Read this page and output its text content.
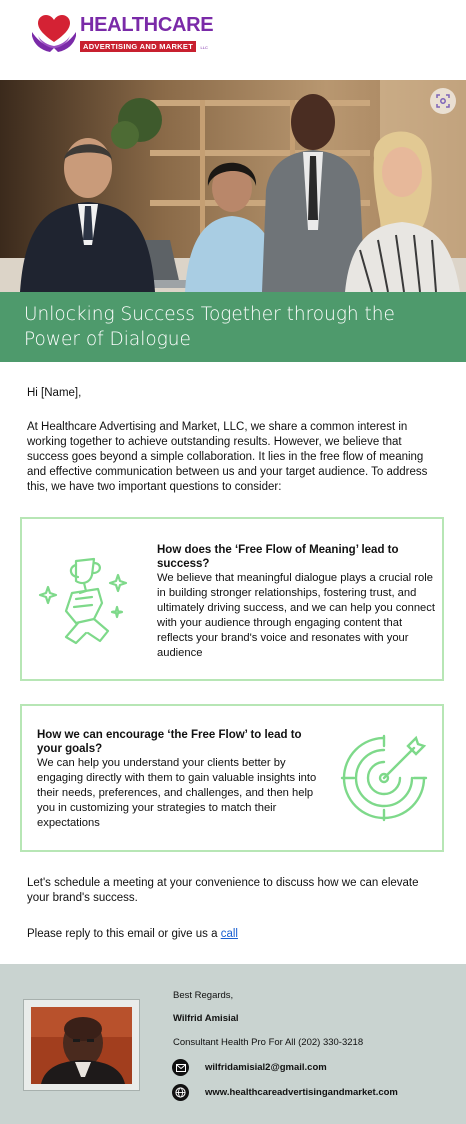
HEALTHCARE
ADVERTISING AND MARKET LLC
Unlocking Success Together through the Power of Dialogue
Hi [Name],
At Healthcare Advertising and Market, LLC, we share a common interest in working together to achieve outstanding results. However, we believe that success goes beyond a simple collaboration. It lies in the free flow of meaning and effective communication between us and your target audience. To address this, we have two important questions to consider:
How does the ‘Free Flow of Meaning’ lead to success?
We believe that meaningful dialogue plays a crucial role in building stronger relationships, fostering trust, and ultimately driving success, and we can help you connect with your audience through engaging content that reflects your brand's voice and resonates with your audience
How we can encourage ‘the Free Flow’ to lead to your goals?
We can help you understand your clients better by engaging directly with them to gain valuable insights into their needs, preferences, and challenges, and then help you in customizing your strategies to match their expectations
Let's schedule a meeting at your convenience to discuss how we can elevate your brand's success.
Please reply to this email or give us a call
Best Regards,
Wilfrid Amisial
Consultant Health Pro For All (202) 330-3218
wilfridamisial2@gmail.com
www.healthcareadvertisingandmarket.com
